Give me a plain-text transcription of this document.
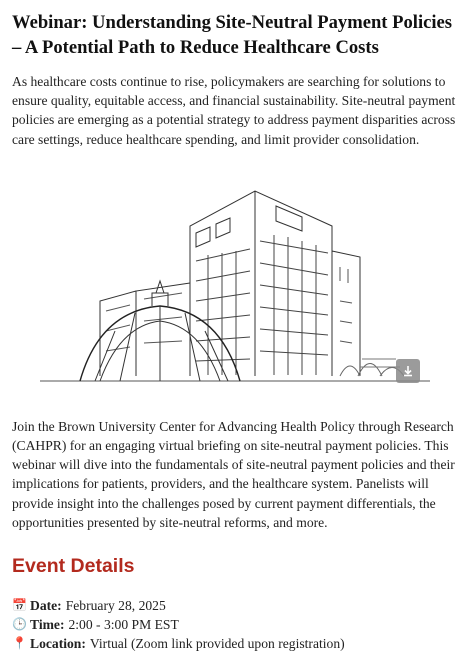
Webinar: Understanding Site-Neutral Payment Policies – A Potential Path to Reduce Healthcare Costs

As healthcare costs continue to rise, policymakers are searching for solutions to ensure quality, equitable access, and financial sustainability. Site-neutral payment policies are emerging as a potential strategy to address payment disparities across care settings, reduce healthcare spending, and limit provider consolidation.

Join the Brown University Center for Advancing Health Policy through Research (CAHPR) for an engaging virtual briefing on site-neutral payment policies. This webinar will dive into the fundamentals of site-neutral payment policies and their implications for patients, providers, and the healthcare system. Panelists will provide insight into the challenges posed by current payment differentials, the opportunities presented by site-neutral reforms, and more.

Event Details
📅 Date: February 28, 2025
🕒 Time: 2:00 - 3:00 PM EST
📍 Location: Virtual (Zoom link provided upon registration)
